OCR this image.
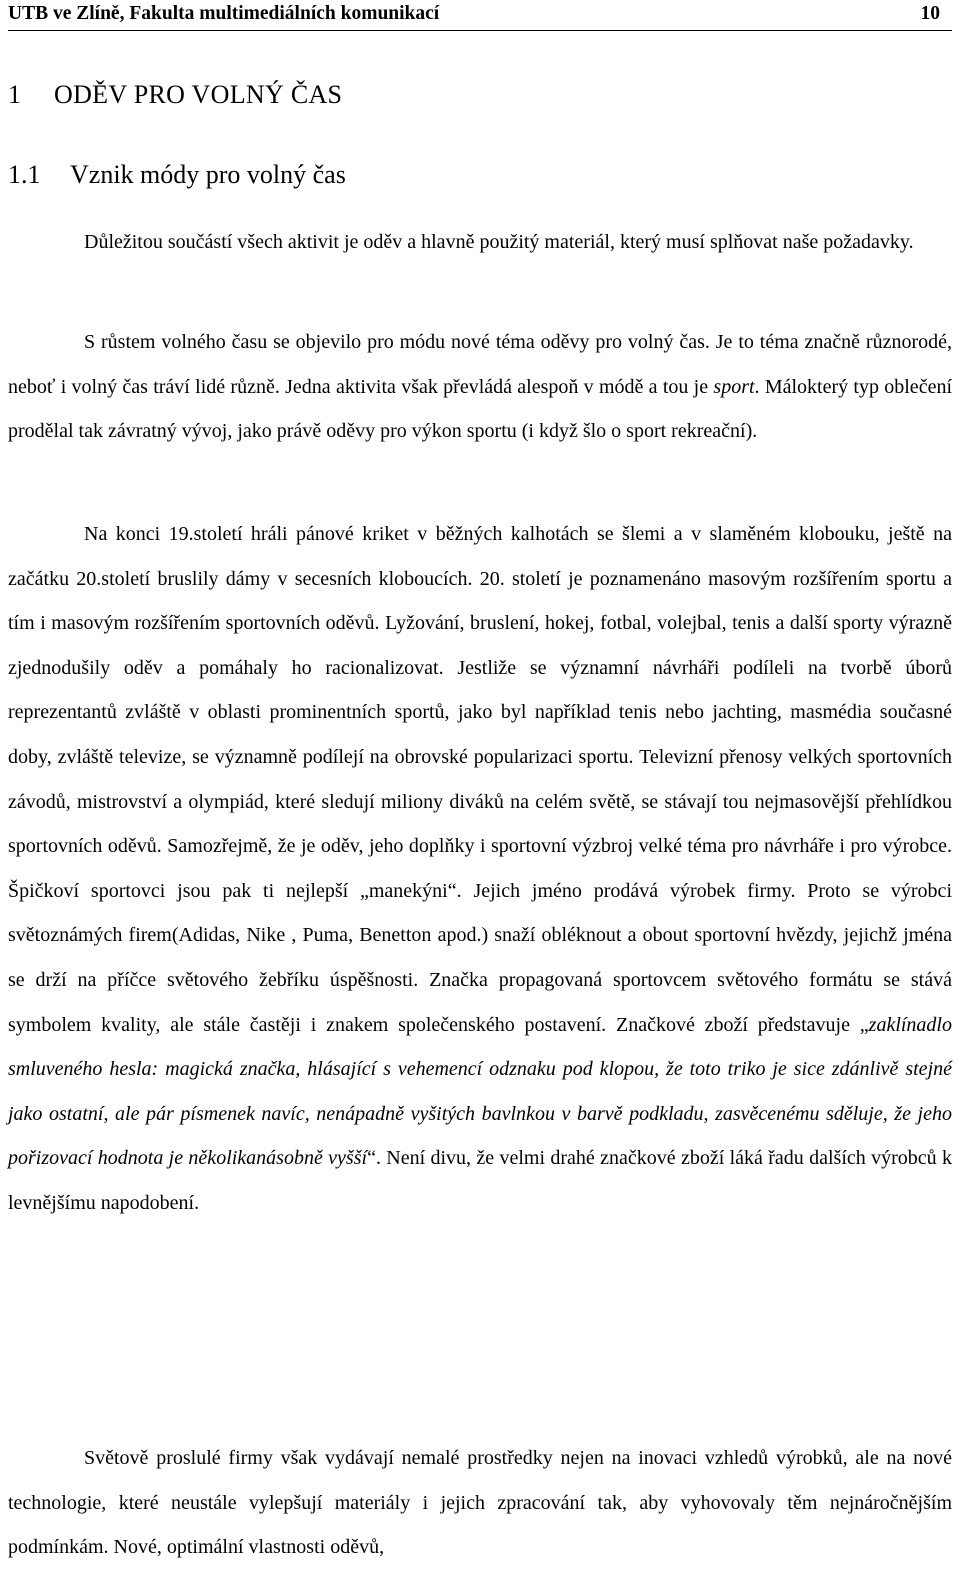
UTB ve Zlíně, Fakultа multimediálních komunikací	10
1 ODĚV PRO VOLNÝ ČAS
1.1 Vznik módy pro volný čas

Důležitou součástí všech aktivit je oděv a hlavně použitý materiál, který musí splňovat naše požadavky.

S růstem volného času se objevilo pro módu nové téma oděvy pro volný čas. Je to téma značně různorodé, neboť i volný čas tráví lidé různě. Jedna aktivita však převládá alespoň v módě a tou je sport. Málokterý typ oblečení prodělal tak závratný vývoj, jako právě oděvy pro výkon sportu (i když šlo o sport rekreační).

Na konci 19.století hráli pánové kriket v běžných kalhotách se šlemi a v slaměném klobouku, ještě na začátku 20.století bruslily dámy v secesních kloboucích. 20. století je poznamenáno masovým rozšířením sportu a tím i masovým rozšířením sportovních oděvů. Lyžování, bruslení, hokej, fotbal, volejbal, tenis a další sporty výrazně zjednodušily oděv a pomáhaly ho racionalizovat. Jestliže se významní návrháři podíleli na tvorbě úborů reprezentantů zvláště v oblasti prominentních sportů, jako byl například tenis nebo jachting, masmédia současné doby, zvláště televize, se významně podílejí na obrovské popularizaci sportu. Televizní přenosy velkých sportovních závodů, mistrovství a olympiád, které sledují miliony diváků na celém světě, se stávají tou nejmasovější přehlídkou sportovních oděvů. Samozřejmě, že je oděv, jeho doplňky i sportovní výzbroj velké téma pro návrháře i pro výrobce. Špičkoví sportovci jsou pak ti nejlepší „manekýni“. Jejich jméno prodává výrobek firmy. Proto se výrobci světoznámých firem(Adidas, Nike , Puma, Benetton apod.) snaží obléknout a obout sportovní hvězdy, jejichž jména se drží na příčce světového žebříku úspěšnosti. Značka propagovaná sportovcem světového formátu se stává symbolem kvality, ale stále častěji i znakem společenského postavení. Značkové zboží představuje „zaklínadlo smluveného hesla: magická značka, hlásající s vehemencí odznaku pod klopou, že toto triko je sice zdánlivě stejné jako ostatní, ale pár písmenek navíc, nenápadně vyšitých bavlnkou v barvě podkladu, zasvěcenému sděluje, že jeho pořizovací hodnota je několikanásobně vyšší“. Není divu, že velmi drahé značkové zboží láká řadu dalších výrobců k levnějšímu napodobení.

Světově proslulé firmy však vydávají nemalé prostředky nejen na inovaci vzhledů výrobků, ale na nové technologie, které neustále vylepšují materiály i jejich zpracování tak, aby vyhovovaly těm nejnáročnějším podmínkám. Nové, optimální vlastnosti oděvů,
